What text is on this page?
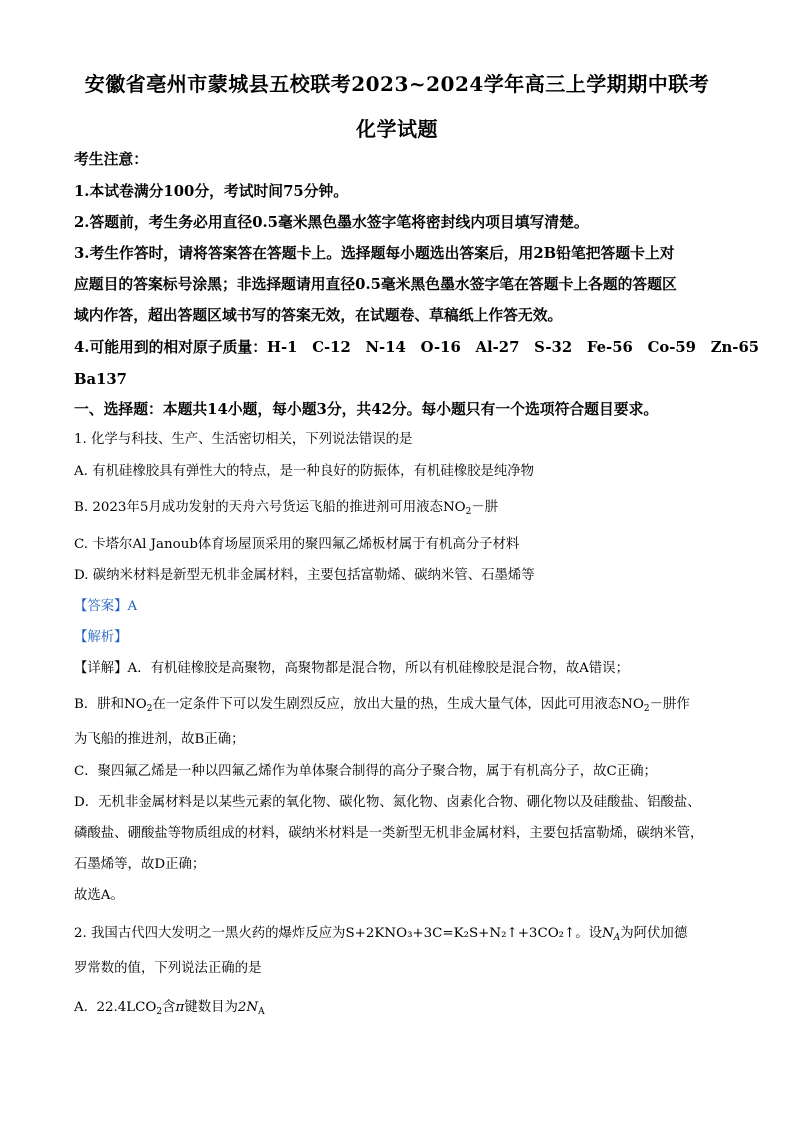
安徽省亳州市蒙城县五校联考2023~2024学年高三上学期期中联考
化学试题
考生注意：
1.本试卷满分100分，考试时间75分钟。
2.答题前，考生务必用直径0.5毫米黑色墨水签字笔将密封线内项目填写清楚。
3.考生作答时，请将答案答在答题卡上。选择题每小题选出答案后，用2B铅笔把答题卡上对
应题目的答案标号涂黑；非选择题请用直径0.5毫米黑色墨水签字笔在答题卡上各题的答题区
域内作答，超出答题区域书写的答案无效，在试题卷、草稿纸上作答无效。
4.可能用到的相对原子质量：H-1　C-12　N-14　O-16　Al-27　S-32　Fe-56　Co-59　Zn-65
Ba137
一、选择题：本题共14小题，每小题3分，共42分。每小题只有一个选项符合题目要求。
1. 化学与科技、生产、生活密切相关，下列说法错误的是
A. 有机硅橡胶具有弹性大的特点，是一种良好的防振体，有机硅橡胶是纯净物
B. 2023年5月成功发射的天舟六号货运飞船的推进剂可用液态$NO_2-$肼
C. 卡塔尔Al Janoub体育场屋顶采用的聚四氟乙烯板材属于有机高分子材料
D. 碳纳米材料是新型无机非金属材料，主要包括富勒烯、碳纳米管、石墨烯等
【答案】A
【解析】
【详解】A．有机硅橡胶是高聚物，高聚物都是混合物，所以有机硅橡胶是混合物，故A错误；
B．肼和$NO_2$在一定条件下可以发生剧烈反应，放出大量的热，生成大量气体，因此可用液态$NO_2-$肼作
为飞船的推进剂，故B正确；
C．聚四氟乙烯是一种以四氟乙烯作为单体聚合制得的高分子聚合物，属于有机高分子，故C正确；
D．无机非金属材料是以某些元素的氧化物、碳化物、氮化物、卤素化合物、硼化物以及硅酸盐、铝酸盐、
磷酸盐、硼酸盐等物质组成的材料，碳纳米材料是一类新型无机非金属材料，主要包括富勒烯，碳纳米管，
石墨烯等，故D正确；
故选A。
2. 我国古代四大发明之一黑火药的爆炸反应为S+2KNO₃+3C=K₂S+N₂↑+3CO₂↑。设$N_A$为阿伏加德
罗常数的值，下列说法正确的是
A. $22.4LCO_2$含π键数目为$2N_A$
